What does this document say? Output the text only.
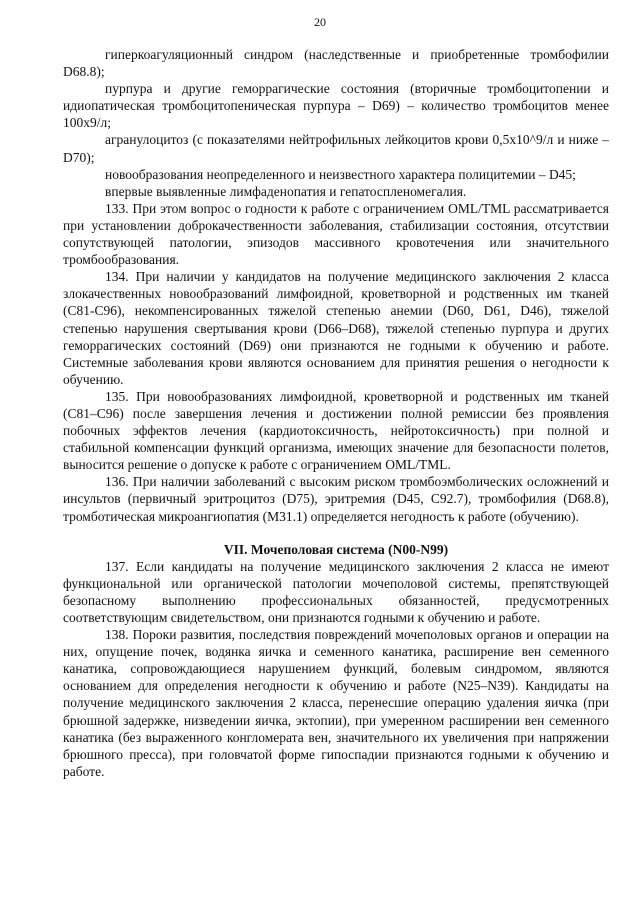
20

гиперкоагуляционный синдром (наследственные и приобретенные тромбофилии D68.8);

пурпура и другие геморрагические состояния (вторичные тромбоцитопении и идиопатическая тромбоцитопеническая пурпура – D69) – количество тромбоцитов менее 100х9/л;

агранулоцитоз (с показателями нейтрофильных лейкоцитов крови 0,5х10^9/л и ниже – D70);

новообразования неопределенного и неизвестного характера полицитемии – D45;

впервые выявленные лимфаденопатия и гепатоспленомегалия.

133. При этом вопрос о годности к работе с ограничением OML/TML рассматривается при установлении доброкачественности заболевания, стабилизации состояния, отсутствии сопутствующей патологии, эпизодов массивного кровотечения или значительного тромбообразования.

134. При наличии у кандидатов на получение медицинского заключения 2 класса злокачественных новообразований лимфоидной, кроветворной и родственных им тканей (C81-C96), некомпенсированных тяжелой степенью анемии (D60, D61, D46), тяжелой степенью нарушения свертывания крови (D66–D68), тяжелой степенью пурпура и других геморрагических состояний (D69) они признаются не годными к обучению и работе. Системные заболевания крови являются основанием для принятия решения о негодности к обучению.

135. При новообразованиях лимфоидной, кроветворной и родственных им тканей (C81–C96) после завершения лечения и достижении полной ремиссии без проявления побочных эффектов лечения (кардиотоксичность, нейротоксичность) при полной и стабильной компенсации функций организма, имеющих значение для безопасности полетов, выносится решение о допуске к работе с ограничением OML/TML.

136. При наличии заболеваний с высоким риском тромбоэмболических осложнений и инсультов (первичный эритроцитоз (D75), эритремия (D45, C92.7), тромбофилия (D68.8), тромботическая микроангиопатия (M31.1) определяется негодность к работе (обучению).

VII. Мочеполовая система (N00-N99)

137. Если кандидаты на получение медицинского заключения 2 класса не имеют функциональной или органической патологии мочеполовой системы, препятствующей безопасному выполнению профессиональных обязанностей, предусмотренных соответствующим свидетельством, они признаются годными к обучению и работе.

138. Пороки развития, последствия повреждений мочеполовых органов и операции на них, опущение почек, водянка яичка и семенного канатика, расширение вен семенного канатика, сопровождающиеся нарушением функций, болевым синдромом, являются основанием для определения негодности к обучению и работе (N25–N39). Кандидаты на получение медицинского заключения 2 класса, перенесшие операцию удаления яичка (при брюшной задержке, низведении яичка, эктопии), при умеренном расширении вен семенного канатика (без выраженного конгломерата вен, значительного их увеличения при напряжении брюшного пресса), при головчатой форме гипоспадии признаются годными к обучению и работе.
